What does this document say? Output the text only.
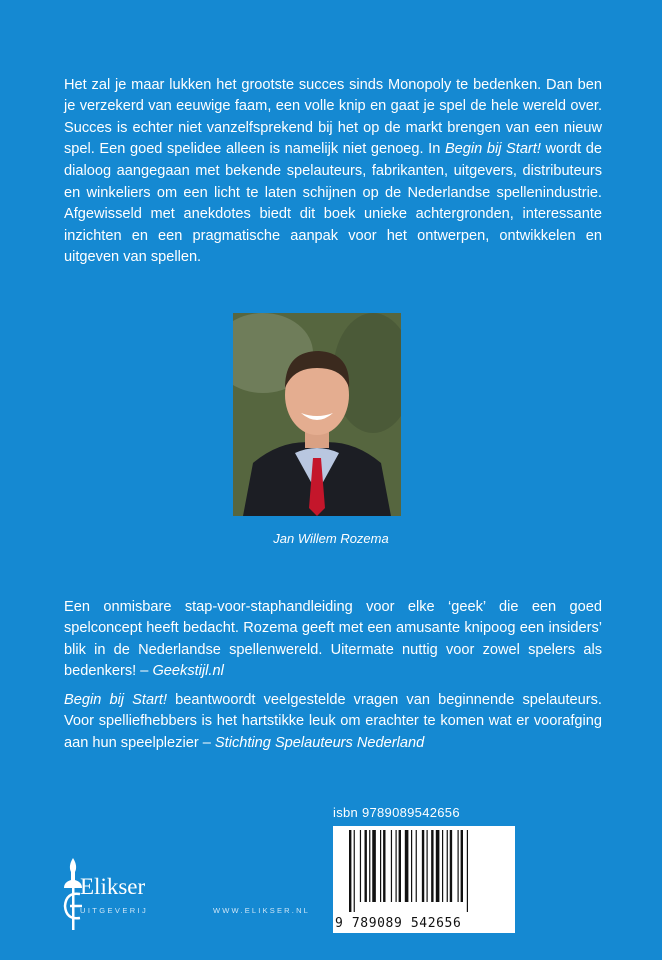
Het zal je maar lukken het grootste succes sinds Monopoly te bedenken. Dan ben je verzekerd van eeuwige faam, een volle knip en gaat je spel de hele wereld over. Succes is echter niet vanzelfsprekend bij het op de markt brengen van een nieuw spel. Een goed spelidee alleen is namelijk niet genoeg. In Begin bij Start! wordt de dialoog aangegaan met bekende spelauteurs, fabrikanten, uitgevers, distributeurs en winkeliers om een licht te laten schijnen op de Nederlandse spellenindustrie. Afgewisseld met anekdotes biedt dit boek unieke achtergronden, interessante inzichten en een pragmatische aanpak voor het ontwerpen, ontwikkelen en uitgeven van spellen.

Jan Willem Rozema

Een onmisbare stap-voor-staphandleiding voor elke ‘geek’ die een goed spelconcept heeft bedacht. Rozema geeft met een amusante knipoog een insiders’ blik in de Nederlandse spellenwereld. Uitermate nuttig voor zowel spelers als bedenkers! – Geekstijl.nl

Begin bij Start! beantwoordt veelgestelde vragen van beginnende spelauteurs. Voor spelliefhebbers is het hartstikke leuk om erachter te komen wat er voorafging aan hun speelplezier – Stichting Spelauteurs Nederland

isbn 9789089542656
9 789089 542656
Elikser
UITGEVERIJ	WWW.ELIKSER.NL
